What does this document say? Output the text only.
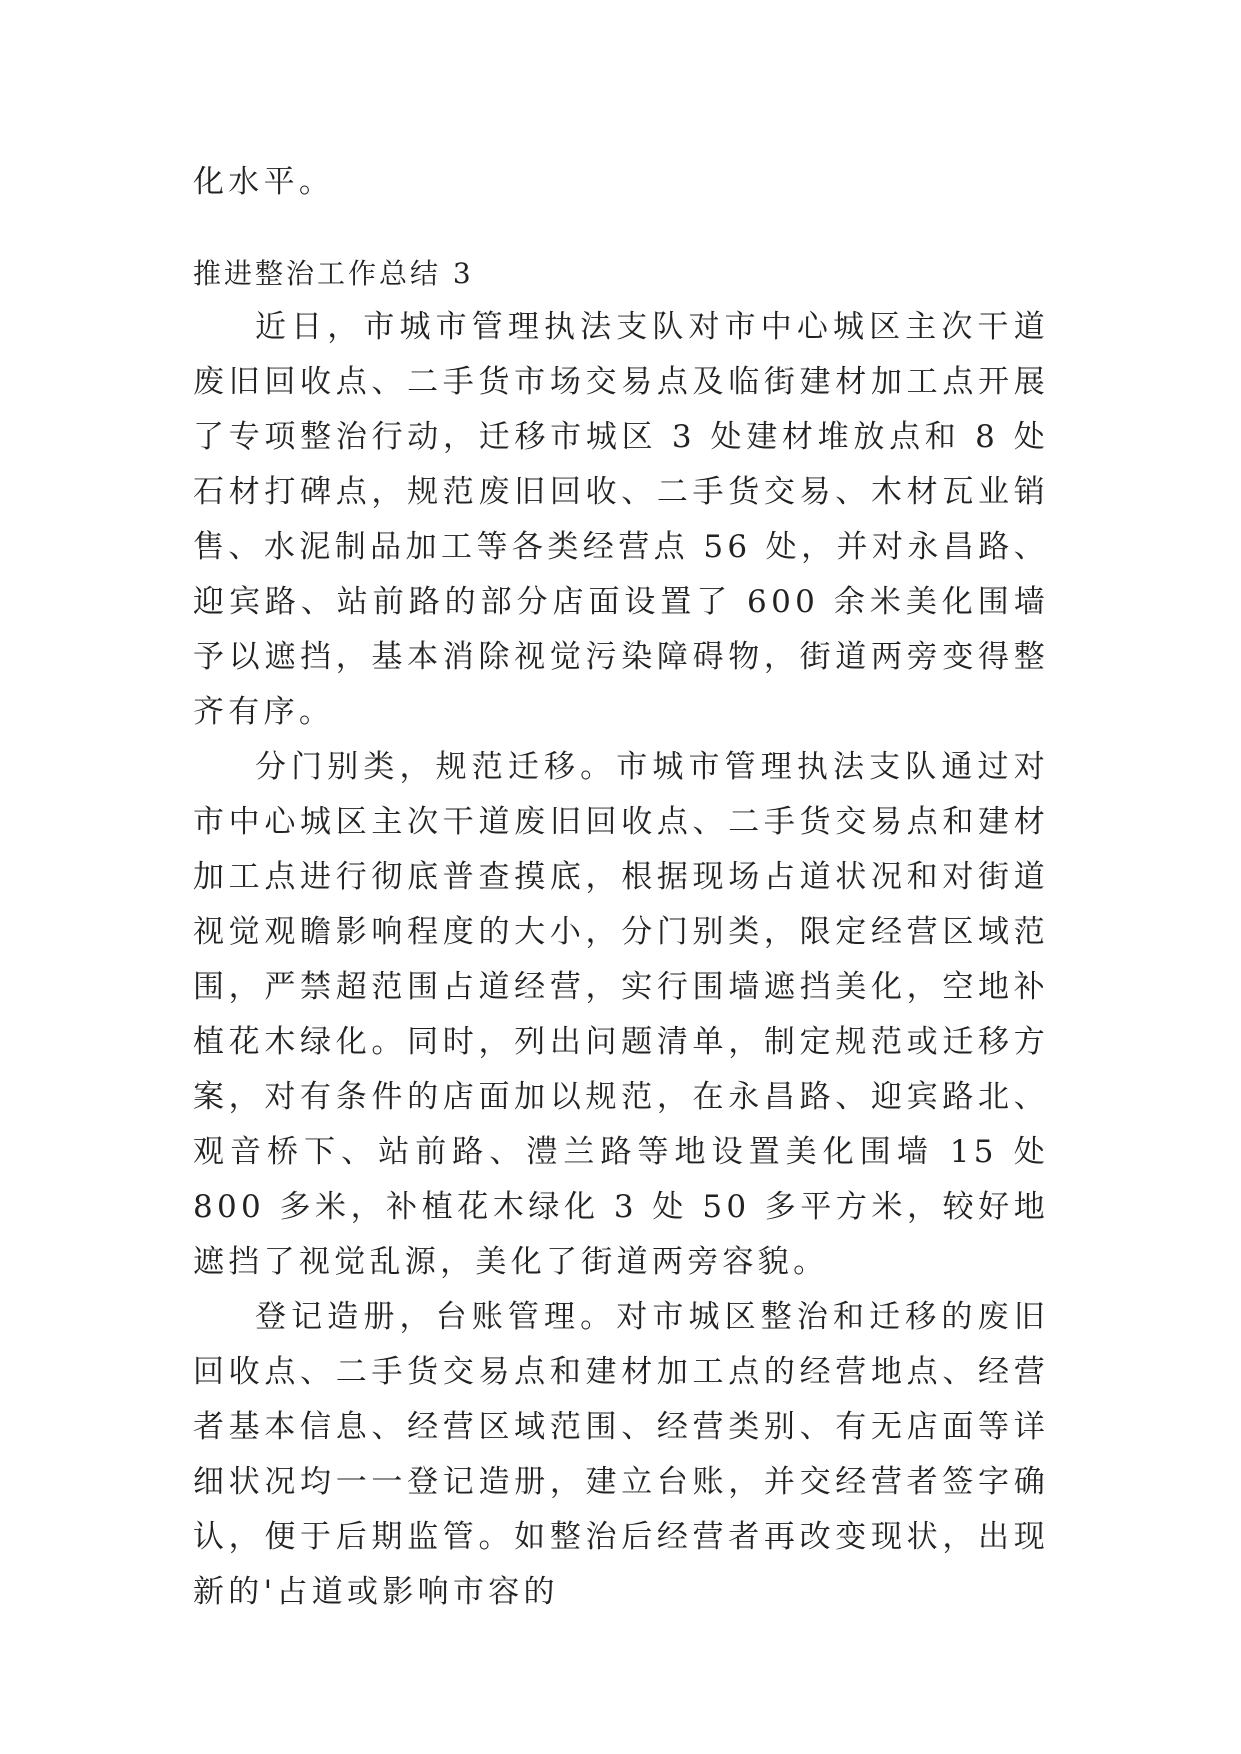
化水平。

推进整治工作总结 3

近日，市城市管理执法支队对市中心城区主次干道废旧回收点、二手货市场交易点及临街建材加工点开展了专项整治行动，迁移市城区 3 处建材堆放点和 8 处石材打碑点，规范废旧回收、二手货交易、木材瓦业销售、水泥制品加工等各类经营点 56 处，并对永昌路、迎宾路、站前路的部分店面设置了 600 余米美化围墙予以遮挡，基本消除视觉污染障碍物，街道两旁变得整齐有序。

分门别类，规范迁移。市城市管理执法支队通过对市中心城区主次干道废旧回收点、二手货交易点和建材加工点进行彻底普查摸底，根据现场占道状况和对街道视觉观瞻影响程度的大小，分门别类，限定经营区域范围，严禁超范围占道经营，实行围墙遮挡美化，空地补植花木绿化。同时，列出问题清单，制定规范或迁移方案，对有条件的店面加以规范，在永昌路、迎宾路北、观音桥下、站前路、澧兰路等地设置美化围墙 15 处 800 多米，补植花木绿化 3 处 50 多平方米，较好地遮挡了视觉乱源，美化了街道两旁容貌。

登记造册，台账管理。对市城区整治和迁移的废旧回收点、二手货交易点和建材加工点的经营地点、经营者基本信息、经营区域范围、经营类别、有无店面等详细状况均一一登记造册，建立台账，并交经营者签字确认，便于后期监管。如整治后经营者再改变现状，出现新的'占道或影响市容的
